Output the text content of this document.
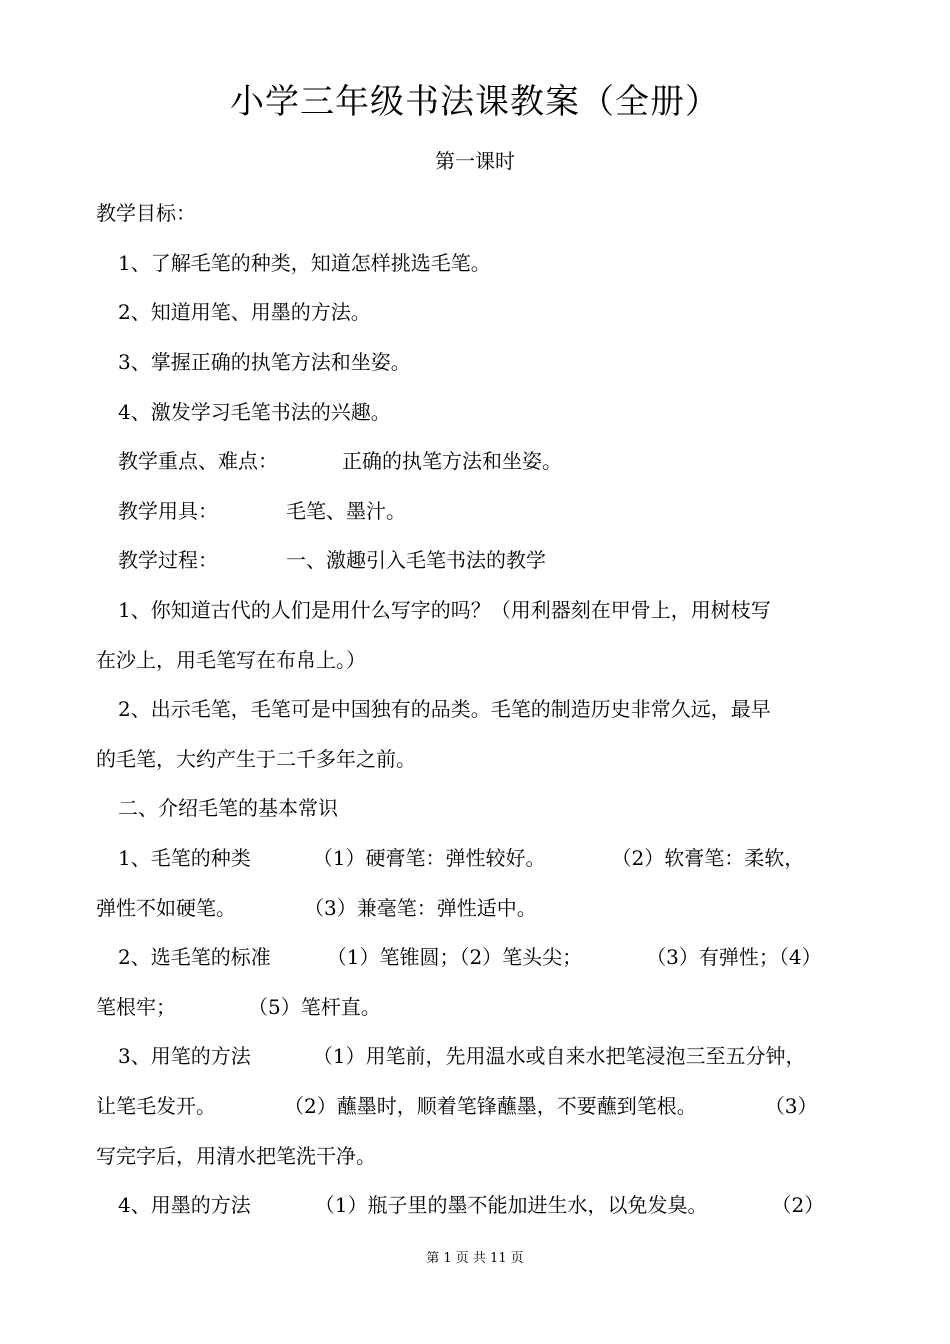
小学三年级书法课教案（全册）
第一课时
教学目标：
1、了解毛笔的种类，知道怎样挑选毛笔。
2、知道用笔、用墨的方法。
3、掌握正确的执笔方法和坐姿。
4、激发学习毛笔书法的兴趣。
教学重点、难点：	正确的执笔方法和坐姿。
教学用具：	毛笔、墨汁。
教学过程：	一、激趣引入毛笔书法的教学
1、你知道古代的人们是用什么写字的吗？（用利器刻在甲骨上，用树枝写
在沙上，用毛笔写在布帛上。）
2、出示毛笔，毛笔可是中国独有的品类。毛笔的制造历史非常久远，最早
的毛笔，大约产生于二千多年之前。
二、介绍毛笔的基本常识
1、毛笔的种类	（1）硬膏笔：弹性较好。	（2）软膏笔：柔软，
弹性不如硬笔。	（3）兼毫笔：弹性适中。
2、选毛笔的标准	（1）笔锥圆；（2）笔头尖；	（3）有弹性；（4）
笔根牢；	（5）笔杆直。
3、用笔的方法	（1）用笔前，先用温水或自来水把笔浸泡三至五分钟，
让笔毛发开。	（2）蘸墨时，顺着笔锋蘸墨，不要蘸到笔根。	（3）
写完字后，用清水把笔洗干净。
4、用墨的方法	（1）瓶子里的墨不能加进生水，以免发臭。	（2）
第 1 页 共 11 页
